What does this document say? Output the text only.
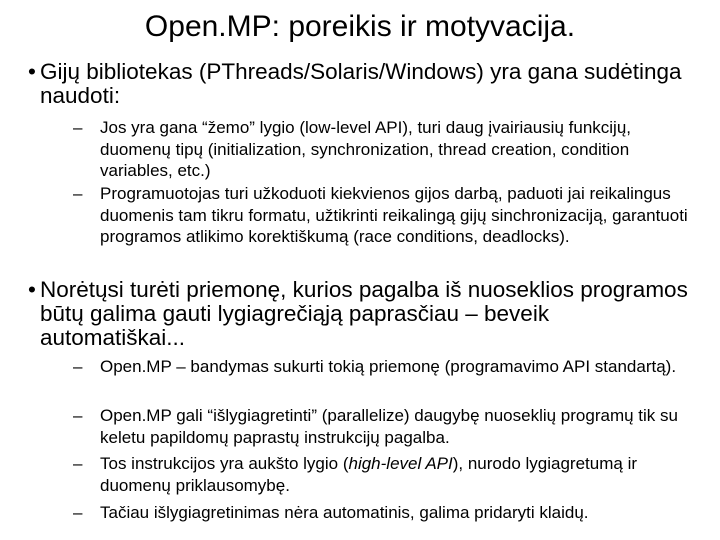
Open.MP: poreikis ir motyvacija.
• Gijų bibliotekas (PThreads/Solaris/Windows) yra gana sudėtinga naudoti:
– Jos yra gana “žemo” lygio (low-level API), turi daug įvairiausių funkcijų, duomenų tipų (initialization, synchronization, thread creation, condition variables, etc.)
– Programuotojas turi užkoduoti kiekvienos gijos darbą, paduoti jai reikalingus duomenis tam tikru formatu, užtikrinti reikalingą gijų sinchronizaciją, garantuoti programos atlikimo korektiškumą (race conditions, deadlocks).
• Norėtųsi turėti priemonę, kurios pagalba iš nuoseklios programos būtų galima gauti lygiagrečiąją paprasčiau – beveik automatiškai...
– Open.MP – bandymas sukurti tokią priemonę (programavimo API standartą).
– Open.MP gali “išlygiagretinti” (parallelize) daugybę nuoseklių programų tik su keletu papildomų paprastų instrukcijų pagalba.
– Tos instrukcijos yra aukšto lygio (high-level API), nurodo lygiagretumą ir duomenų priklausomybę.
– Tačiau išlygiagretinimas nėra automatinis, galima pridaryti klaidų.
